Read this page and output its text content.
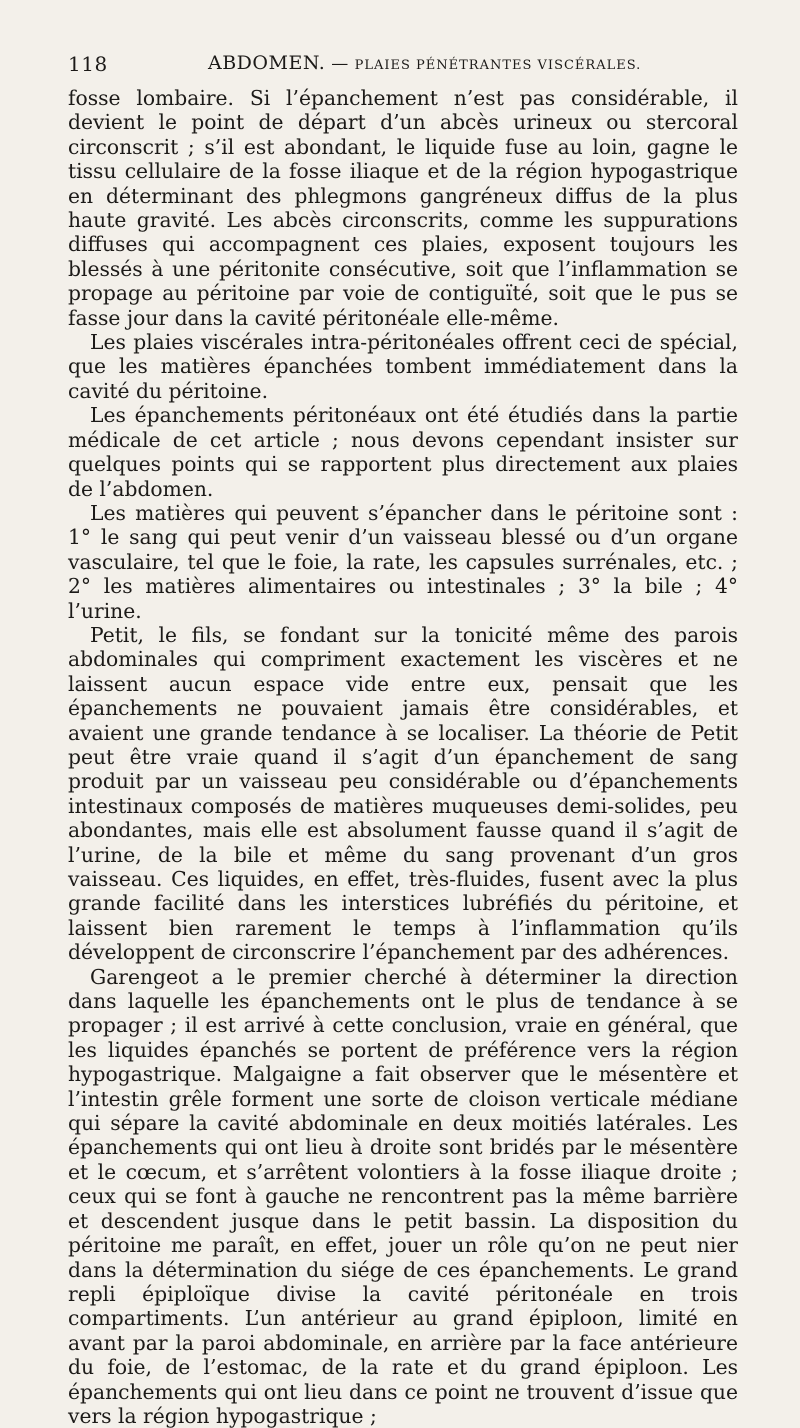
118	ABDOMEN. — PLAIES PÉNÉTRANTES VISCÉRALES.

fosse lombaire. Si l’épanchement n’est pas considérable, il devient le point de départ d’un abcès urineux ou stercoral circonscrit ; s’il est abondant, le liquide fuse au loin, gagne le tissu cellulaire de la fosse iliaque et de la région hypogastrique en déterminant des phlegmons gangréneux diffus de la plus haute gravité. Les abcès circonscrits, comme les suppurations diffuses qui accompagnent ces plaies, exposent toujours les blessés à une péritonite consécutive, soit que l’inflammation se propage au péritoine par voie de contiguïté, soit que le pus se fasse jour dans la cavité péritonéale elle-même.

Les plaies viscérales intra-péritonéales offrent ceci de spécial, que les matières épanchées tombent immédiatement dans la cavité du péritoine.

Les épanchements péritonéaux ont été étudiés dans la partie médicale de cet article ; nous devons cependant insister sur quelques points qui se rapportent plus directement aux plaies de l’abdomen.

Les matières qui peuvent s’épancher dans le péritoine sont : 1° le sang qui peut venir d’un vaisseau blessé ou d’un organe vasculaire, tel que le foie, la rate, les capsules surrénales, etc. ; 2° les matières alimentaires ou intestinales ; 3° la bile ; 4° l’urine.

Petit, le fils, se fondant sur la tonicité même des parois abdominales qui compriment exactement les viscères et ne laissent aucun espace vide entre eux, pensait que les épanchements ne pouvaient jamais être considérables, et avaient une grande tendance à se localiser. La théorie de Petit peut être vraie quand il s’agit d’un épanchement de sang produit par un vaisseau peu considérable ou d’épanchements intestinaux composés de matières muqueuses demi-solides, peu abondantes, mais elle est absolument fausse quand il s’agit de l’urine, de la bile et même du sang provenant d’un gros vaisseau. Ces liquides, en effet, très-fluides, fusent avec la plus grande facilité dans les interstices lubréfiés du péritoine, et laissent bien rarement le temps à l’inflammation qu’ils développent de circonscrire l’épanchement par des adhérences.

Garengeot a le premier cherché à déterminer la direction dans laquelle les épanchements ont le plus de tendance à se propager ; il est arrivé à cette conclusion, vraie en général, que les liquides épanchés se portent de préférence vers la région hypogastrique. Malgaigne a fait observer que le mésentère et l’intestin grêle forment une sorte de cloison verticale médiane qui sépare la cavité abdominale en deux moitiés latérales. Les épanchements qui ont lieu à droite sont bridés par le mésentère et le cœcum, et s’arrêtent volontiers à la fosse iliaque droite ; ceux qui se font à gauche ne rencontrent pas la même barrière et descendent jusque dans le petit bassin. La disposition du péritoine me paraît, en effet, jouer un rôle qu’on ne peut nier dans la détermination du siége de ces épanchements. Le grand repli épiploïque divise la cavité péritonéale en trois compartiments. L’un antérieur au grand épiploon, limité en avant par la paroi abdominale, en arrière par la face antérieure du foie, de l’estomac, de la rate et du grand épiploon. Les épanchements qui ont lieu dans ce point ne trouvent d’issue que vers la région hypogastrique ;
